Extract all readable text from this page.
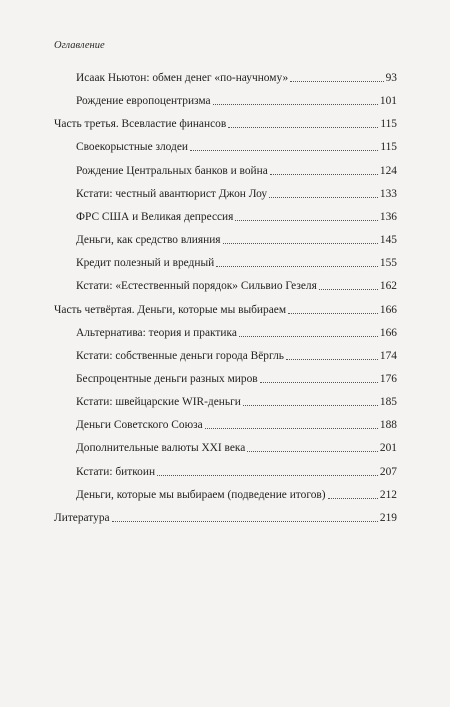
Оглавление
Исаак Ньютон: обмен денег «по-научному»	93
Рождение европоцентризма	101
Часть третья. Всевластие финансов	115
Своекорыстные злодеи	115
Рождение Центральных банков и война	124
Кстати: честный авантюрист Джон Лоу	133
ФРС США и Великая депрессия	136
Деньги, как средство влияния	145
Кредит полезный и вредный	155
Кстати: «Естественный порядок» Сильвио Гезеля	162
Часть четвёртая. Деньги, которые мы выбираем	166
Альтернатива: теория и практика	166
Кстати: собственные деньги города Вёргль	174
Беспроцентные деньги разных миров	176
Кстати: швейцарские WIR-деньги	185
Деньги Советского Союза	188
Дополнительные валюты XXI века	201
Кстати: биткоин	207
Деньги, которые мы выбираем (подведение итогов)	212
Литература	219
